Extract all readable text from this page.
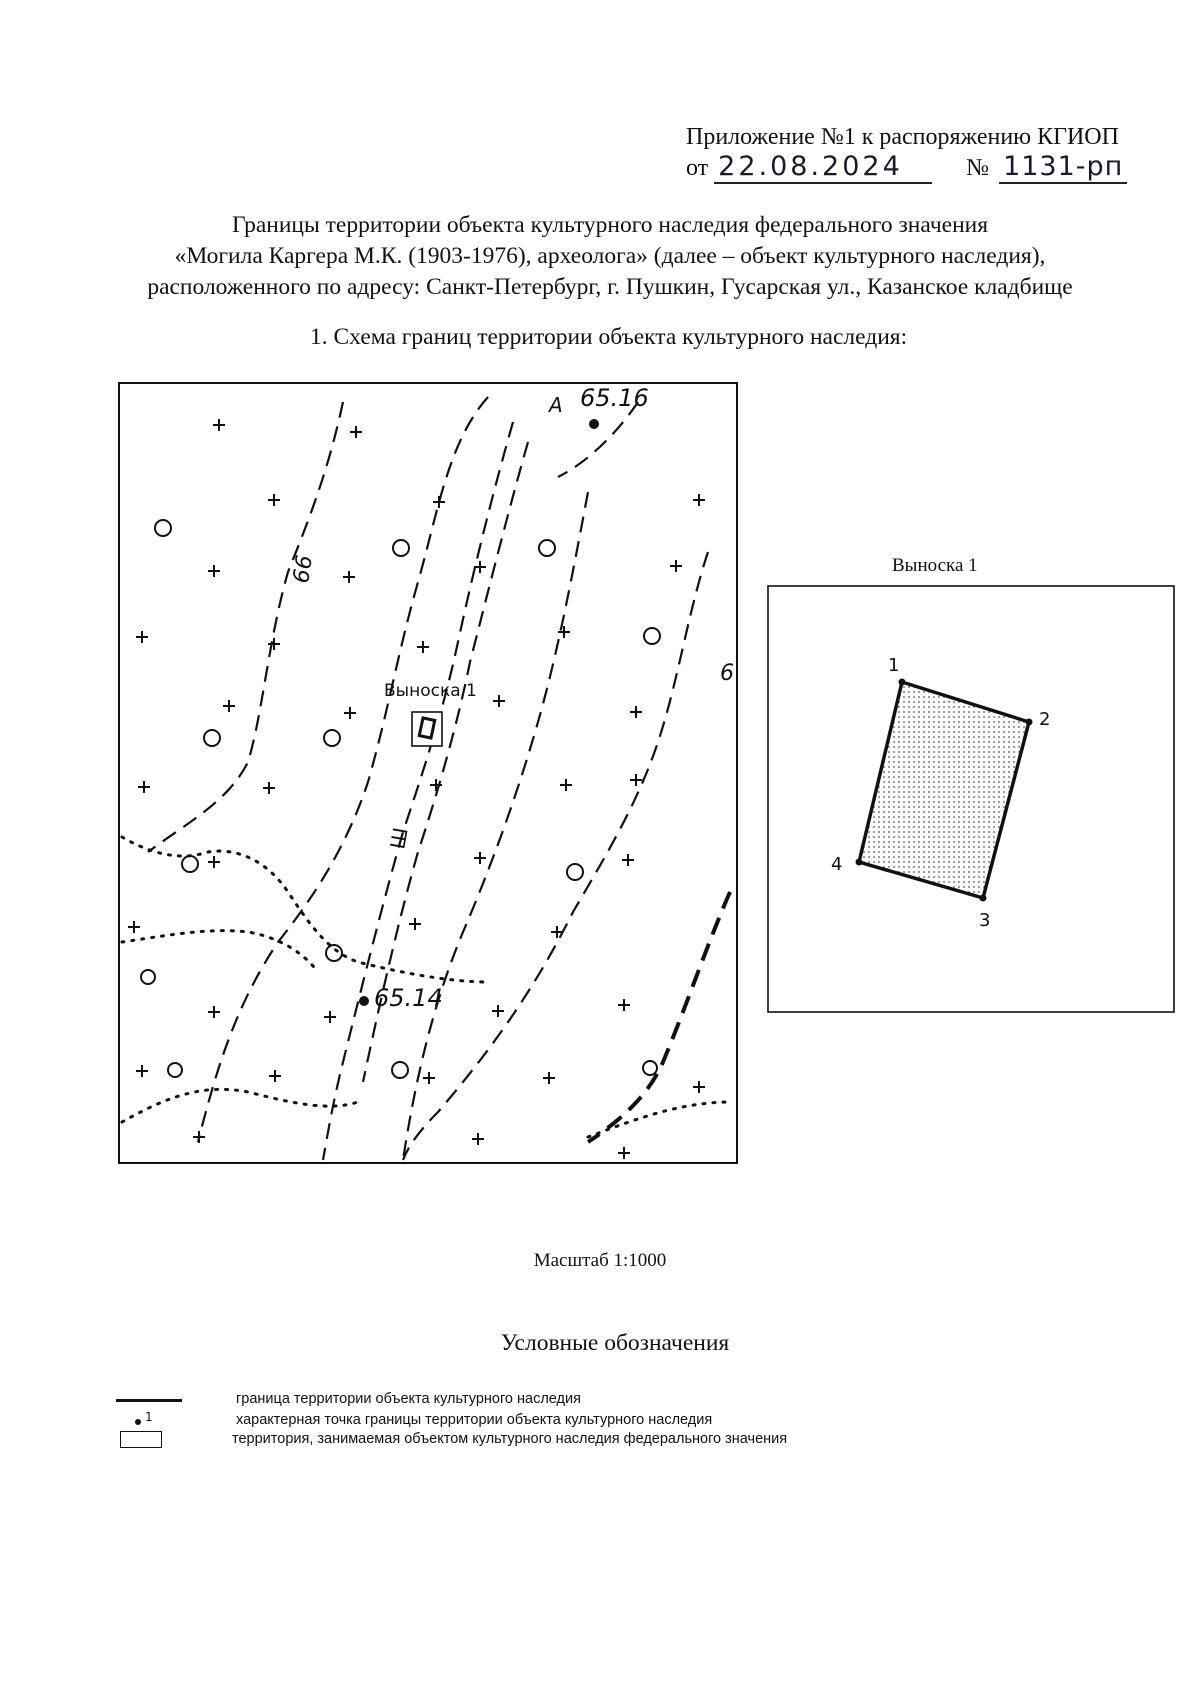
Приложение №1 к распоряжению КГИОП
от 22.08.2024	№ 1131-рп
Границы территории объекта культурного наследия федерального значения
«Могила Каргера М.К. (1903-1976), археолога» (далее – объект культурного наследия),
расположенного по адресу: Санкт-Петербург, г. Пушкин, Гусарская ул., Казанское кладбище
1. Схема границ территории объекта культурного наследия:
А 65.16
65.14
66
6
Ш
Выноска 1
Выноска 1
1
2
3
4
Масштаб 1:1000
Условные обозначения
граница территории объекта культурного наследия
1	характерная точка границы территории объекта культурного наследия
территория, занимаемая объектом культурного наследия федерального значения
